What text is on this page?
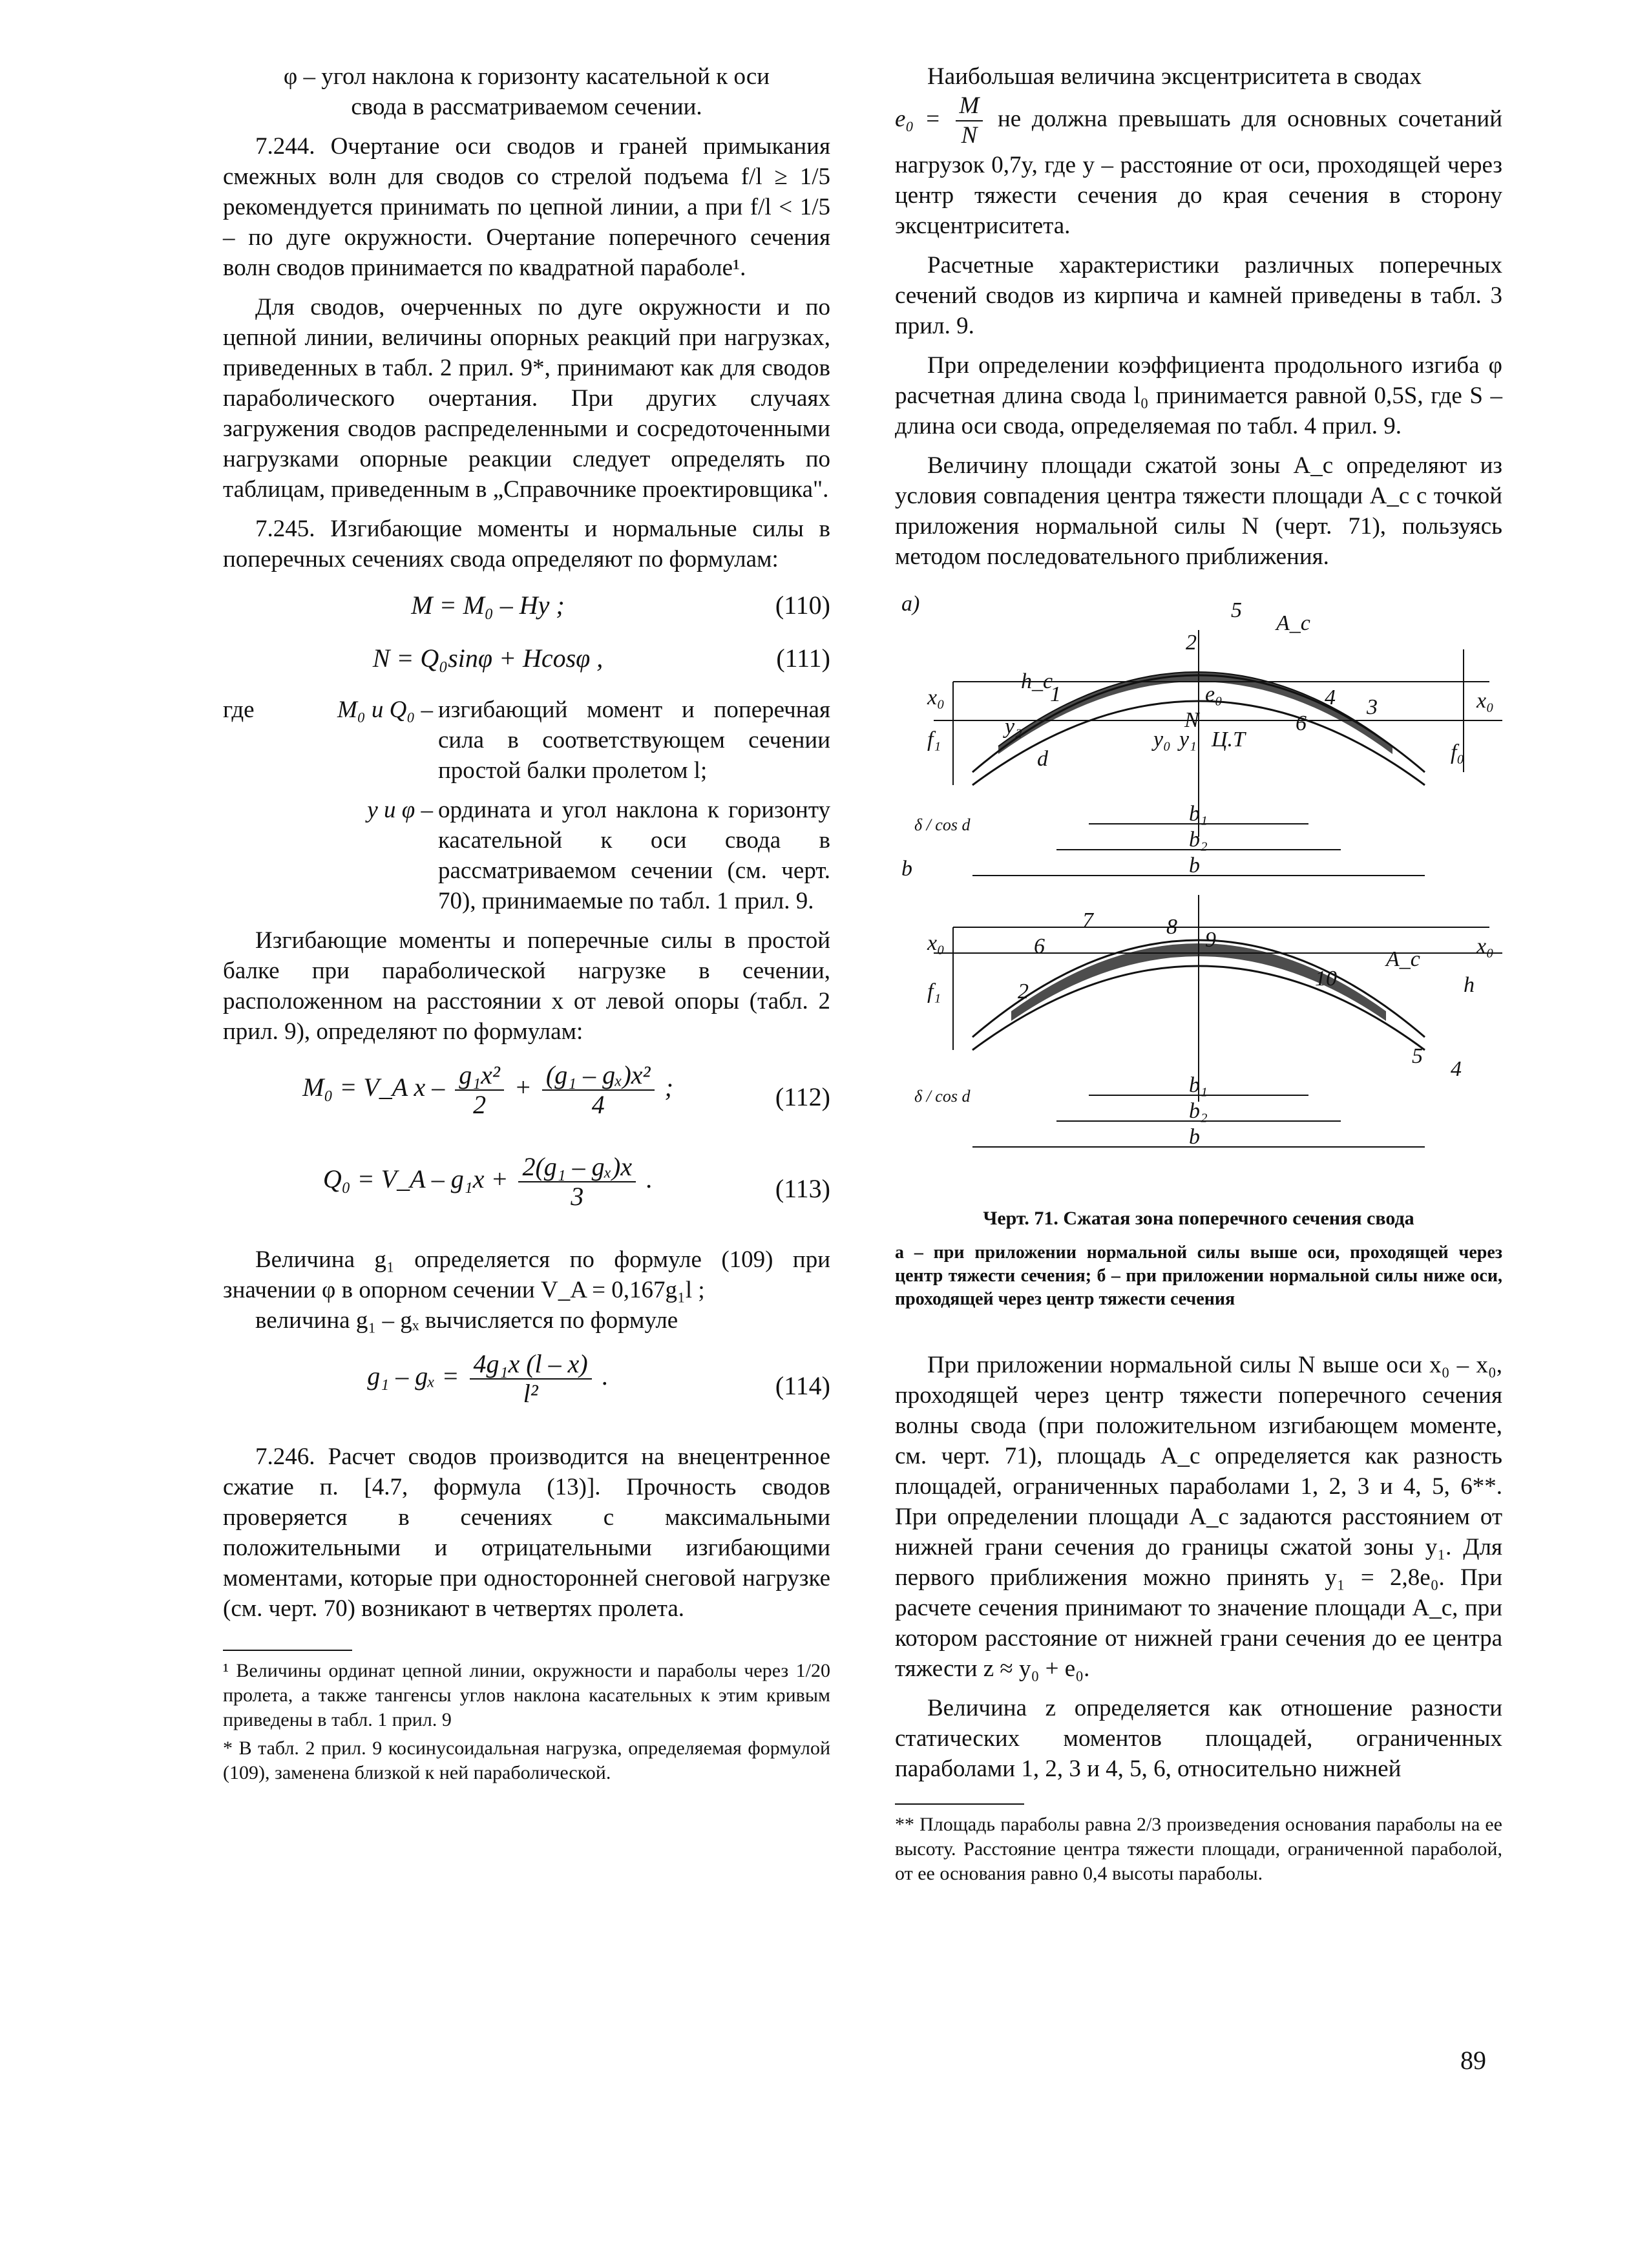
φ – угол наклона к горизонту касательной к оси свода в рассматриваемом сечении.

7.244. Очертание оси сводов и граней примыкания смежных волн для сводов со стрелой подъема f/l ≥ 1/5 рекомендуется принимать по цепной линии, а при f/l < 1/5 – по дуге окружности. Очертание поперечного сечения волн сводов принимается по квадратной параболе¹.

Для сводов, очерченных по дуге окружности и по цепной линии, величины опорных реакций при нагрузках, приведенных в табл. 2 прил. 9*, принимают как для сводов параболического очертания. При других случаях загружения сводов распределенными и сосредоточенными нагрузками опорные реакции следует определять по таблицам, приведенным в „Справочнике проектировщика".

7.245. Изгибающие моменты и нормальные силы в поперечных сечениях свода определяют по формулам:

M = M₀ – Hy ;	(110)
N = Q₀sinφ + Hcosφ ,	(111)
где	M₀ и Q₀ – изгибающий момент и поперечная сила в соответствующем сечении простой балки пролетом l;
y и φ – ордината и угол наклона к горизонту касательной к оси свода в рассматриваемом сечении (см. черт. 70), принимаемые по табл. 1 прил. 9.

Изгибающие моменты и поперечные силы в простой балке при параболической нагрузке в сечении, расположенном на расстоянии x от левой опоры (табл. 2 прил. 9), определяют по формулам:

M₀ = V_A $x - \frac{\text{g₁x²}}{2} + \frac{\text{(g₁ – gₓ)x²}}{4}$ ;	(112)
Q₀ = V_A – $g_1x + \frac{\text{2(g₁ – gₓ)x}}{3}$ .	(113)

Величина g₁ определяется по формуле (109) при значении φ в опорном сечении V_A = 0,167g₁l ;

величина g₁ – gₓ вычисляется по формуле

$g_1 - g_x = \frac{\text{4g₁x (l – x)}}{\text{l²}}$ .	(114)

7.246. Расчет сводов производится на внецентренное сжатие п. [4.7, формула (13)]. Прочность сводов проверяется в сечениях с максимальными положительными и отрицательными изгибающими моментами, которые при односторонней снеговой нагрузке (см. черт. 70) возникают в четвертях пролета.

¹ Величины ординат цепной линии, окружности и параболы через 1/20 пролета, а также тангенсы углов наклона касательных к этим кривым приведены в табл. 1 прил. 9

* В табл. 2 прил. 9 косинусоидальная нагрузка, определяемая формулой (109), заменена близкой к ней параболической.

Наибольшая величина эксцентриситета в сводах

$e_0 = \frac{M}{N}$ не должна превышать для основных сочетаний нагрузок 0,7y, где y – расстояние от оси, проходящей через центр тяжести сечения до края сечения в сторону эксцентриситета.

Расчетные характеристики различных поперечных сечений сводов из кирпича и камней приведены в табл. 3 прил. 9.

При определении коэффициента продольного изгиба φ расчетная длина свода l₀ принимается равной 0,5S, где S – длина оси свода, определяемая по табл. 4 прил. 9.

Величину площади сжатой зоны A_c определяют из условия совпадения центра тяжести площади A_c с точкой приложения нормальной силы N (черт. 71), пользуясь методом последовательного приближения.

а)
b
x₀
f₁
h_c
y₂
y₀ y₁
e₀
N
Ц.Т
A_c
x₀
f₀
d
b₁
b₂
b
δ / cos d
1
2
3
4
5
6
x₀
f₁
6
7
2
8
9
10
A_c
x₀
h
5
4
b₁
b₂
b
δ / cos d
Черт. 71. Сжатая зона поперечного сечения свода
а – при приложении нормальной силы выше оси, проходящей через центр тяжести сечения; б – при приложении нормальной силы ниже оси, проходящей через центр тяжести сечения

При приложении нормальной силы N выше оси x₀ – x₀, проходящей через центр тяжести поперечного сечения волны свода (при положительном изгибающем моменте, см. черт. 71), площадь A_c определяется как разность площадей, ограниченных параболами 1, 2, 3 и 4, 5, 6**. При определении площади A_c задаются расстоянием от нижней грани сечения до границы сжатой зоны y₁. Для первого приближения можно принять y₁ = 2,8e₀. При расчете сечения принимают то значение площади A_c, при котором расстояние от нижней грани сечения до ее центра тяжести z ≈ y₀ + e₀.

Величина z определяется как отношение разности статических моментов площадей, ограниченных параболами 1, 2, 3 и 4, 5, 6, относительно нижней

** Площадь параболы равна 2/3 произведения основания параболы на ее высоту. Расстояние центра тяжести площади, ограниченной параболой, от ее основания равно 0,4 высоты параболы.

89
